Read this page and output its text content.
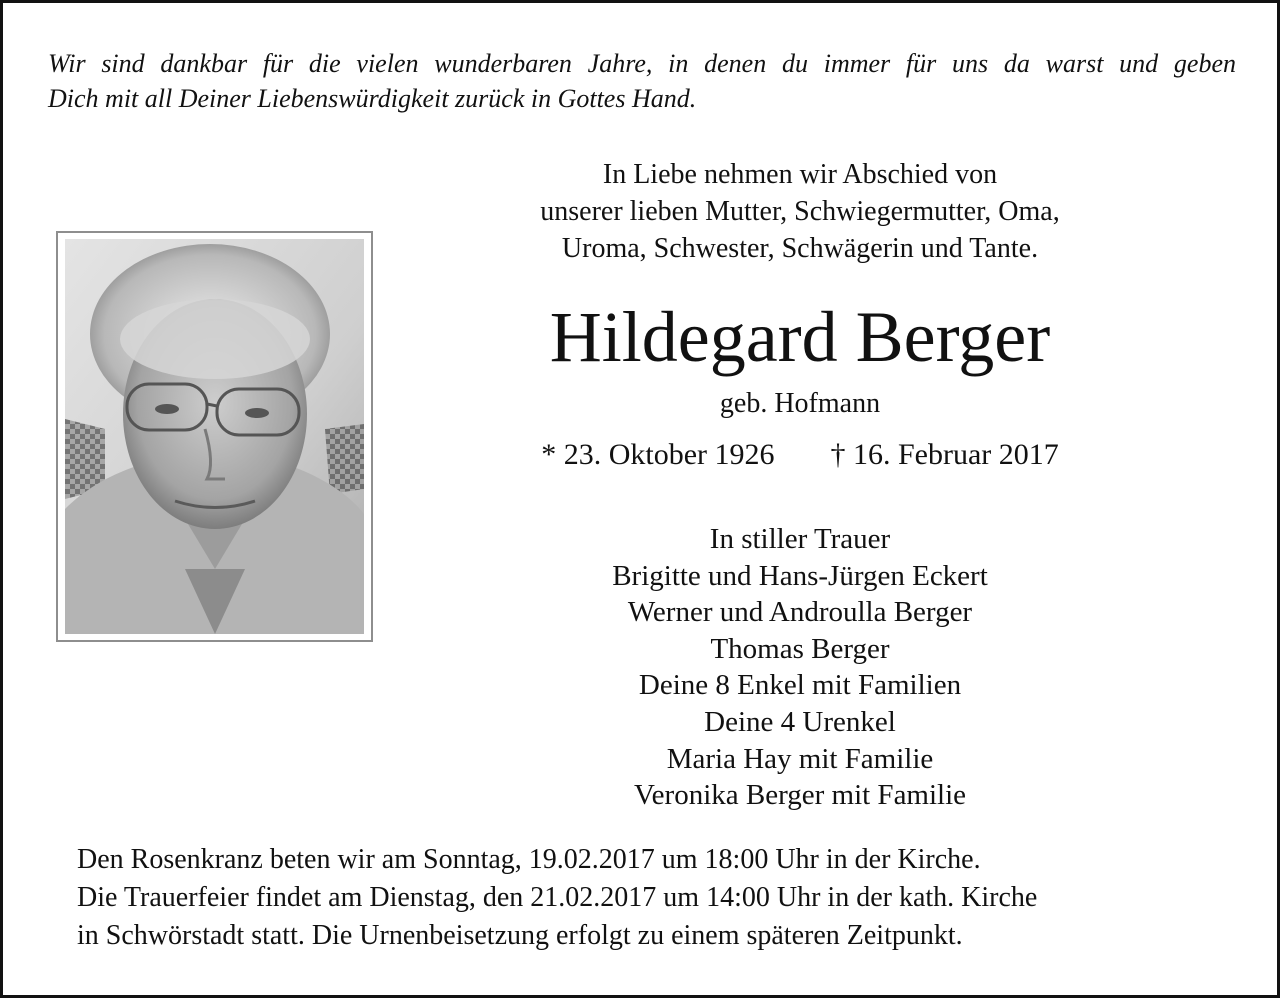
Wir sind dankbar für die vielen wunderbaren Jahre, in denen du immer für uns da warst und geben
Dich mit all Deiner Liebenswürdigkeit zurück in Gottes Hand.
In Liebe nehmen wir Abschied von
unserer lieben Mutter, Schwiegermutter, Oma,
Uroma, Schwester, Schwägerin und Tante.
Hildegard Berger
geb. Hofmann
* 23. Oktober 1926 † 16. Februar 2017
In stiller Trauer
Brigitte und Hans-Jürgen Eckert
Werner und Androulla Berger
Thomas Berger
Deine 8 Enkel mit Familien
Deine 4 Urenkel
Maria Hay mit Familie
Veronika Berger mit Familie
Den Rosenkranz beten wir am Sonntag, 19.02.2017 um 18:00 Uhr in der Kirche.
Die Trauerfeier findet am Dienstag, den 21.02.2017 um 14:00 Uhr in der kath. Kirche
in Schwörstadt statt. Die Urnenbeisetzung erfolgt zu einem späteren Zeitpunkt.
